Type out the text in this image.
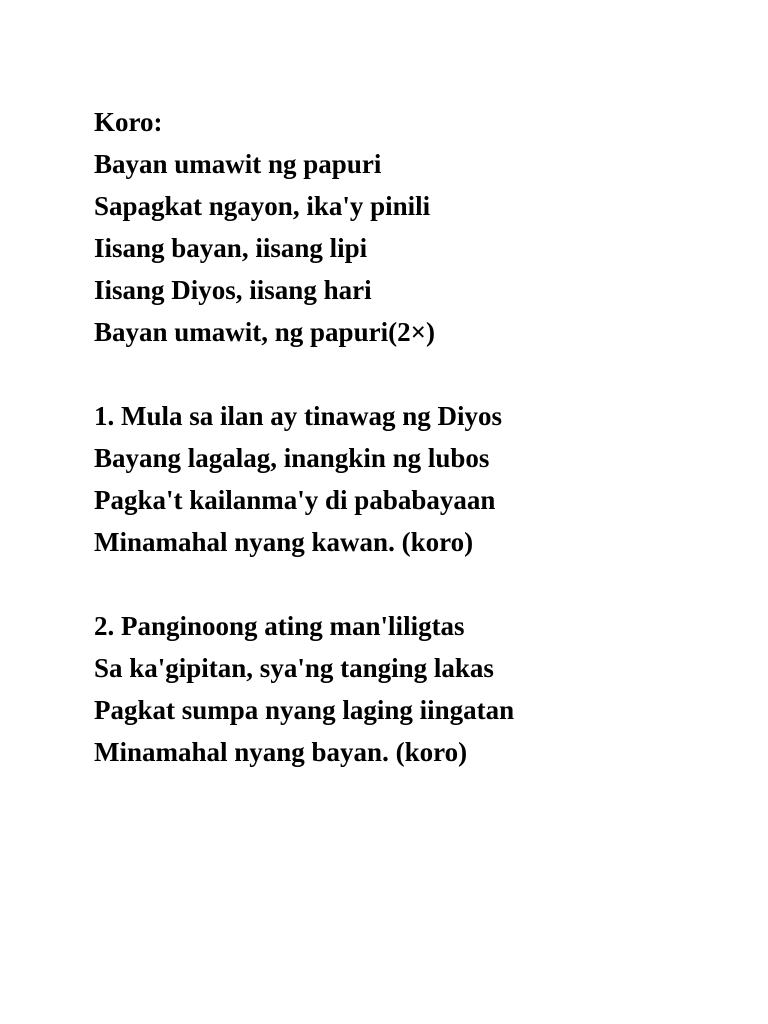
Koro:
Bayan umawit ng papuri
Sapagkat ngayon, ika'y pinili
Iisang bayan, iisang lipi
Iisang Diyos, iisang hari
Bayan umawit, ng papuri(2×)
1. Mula sa ilan ay tinawag ng Diyos
Bayang lagalag, inangkin ng lubos
Pagka't kailanma'y di pababayaan
Minamahal nyang kawan. (koro)
2. Panginoong ating man'liligtas
Sa ka'gipitan, sya'ng tanging lakas
Pagkat sumpa nyang laging iingatan
Minamahal nyang bayan. (koro)
